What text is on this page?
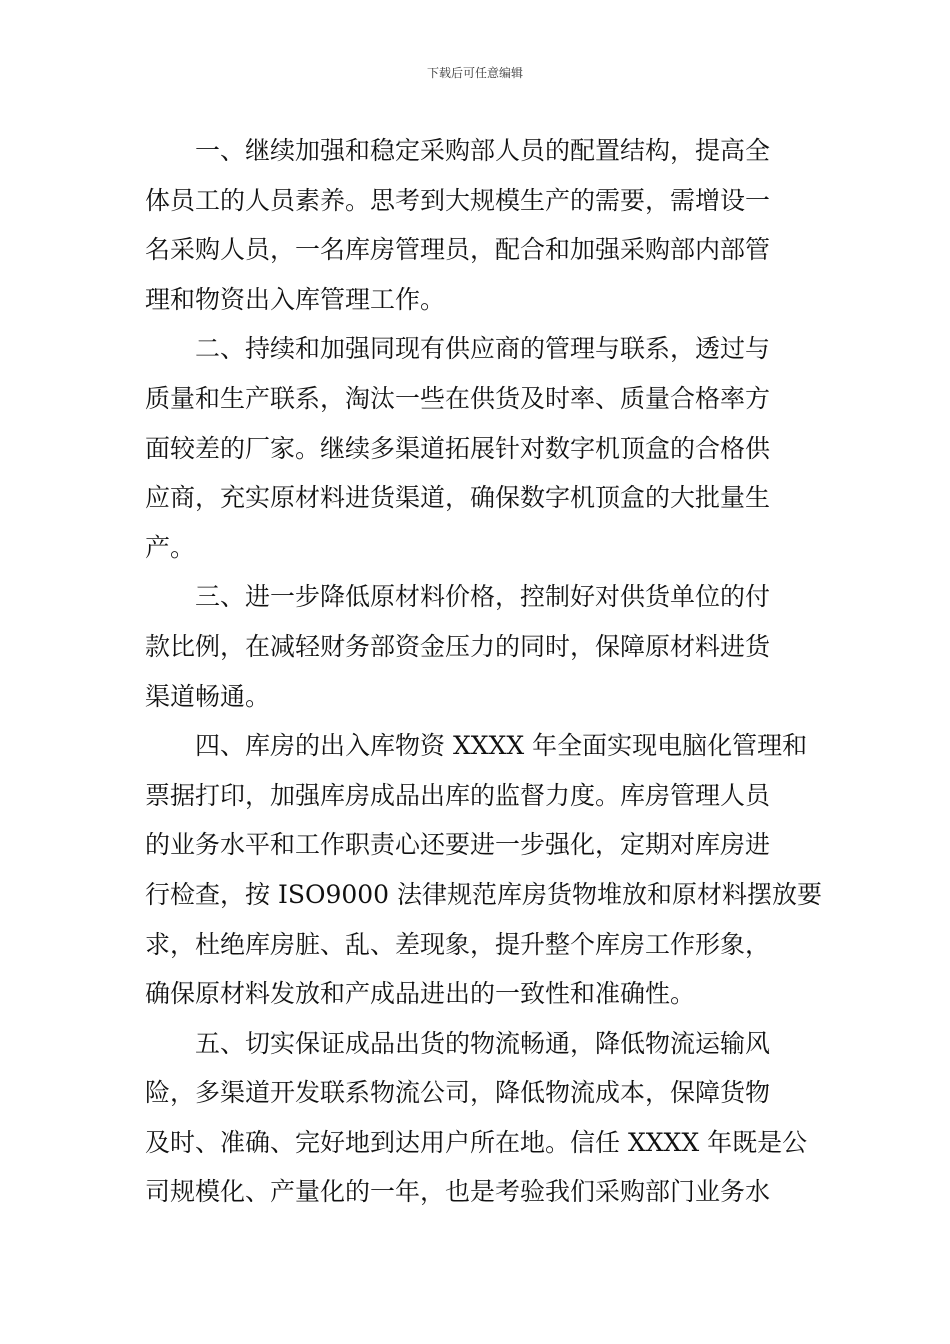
下载后可任意编辑
一、继续加强和稳定采购部人员的配置结构，提高全
体员工的人员素养。思考到大规模生产的需要，需增设一
名采购人员，一名库房管理员，配合和加强采购部内部管
理和物资出入库管理工作。
二、持续和加强同现有供应商的管理与联系，透过与
质量和生产联系，淘汰一些在供货及时率、质量合格率方
面较差的厂家。继续多渠道拓展针对数字机顶盒的合格供
应商，充实原材料进货渠道，确保数字机顶盒的大批量生
产。
三、进一步降低原材料价格，控制好对供货单位的付
款比例，在减轻财务部资金压力的同时，保障原材料进货
渠道畅通。
四、库房的出入库物资 XXXX 年全面实现电脑化管理和
票据打印，加强库房成品出库的监督力度。库房管理人员
的业务水平和工作职责心还要进一步强化，定期对库房进
行检查，按 ISO9000 法律规范库房货物堆放和原材料摆放要
求，杜绝库房脏、乱、差现象，提升整个库房工作形象，
确保原材料发放和产成品进出的一致性和准确性。
五、切实保证成品出货的物流畅通，降低物流运输风
险，多渠道开发联系物流公司，降低物流成本，保障货物
及时、准确、完好地到达用户所在地。信任 XXXX 年既是公
司规模化、产量化的一年，也是考验我们采购部门业务水
